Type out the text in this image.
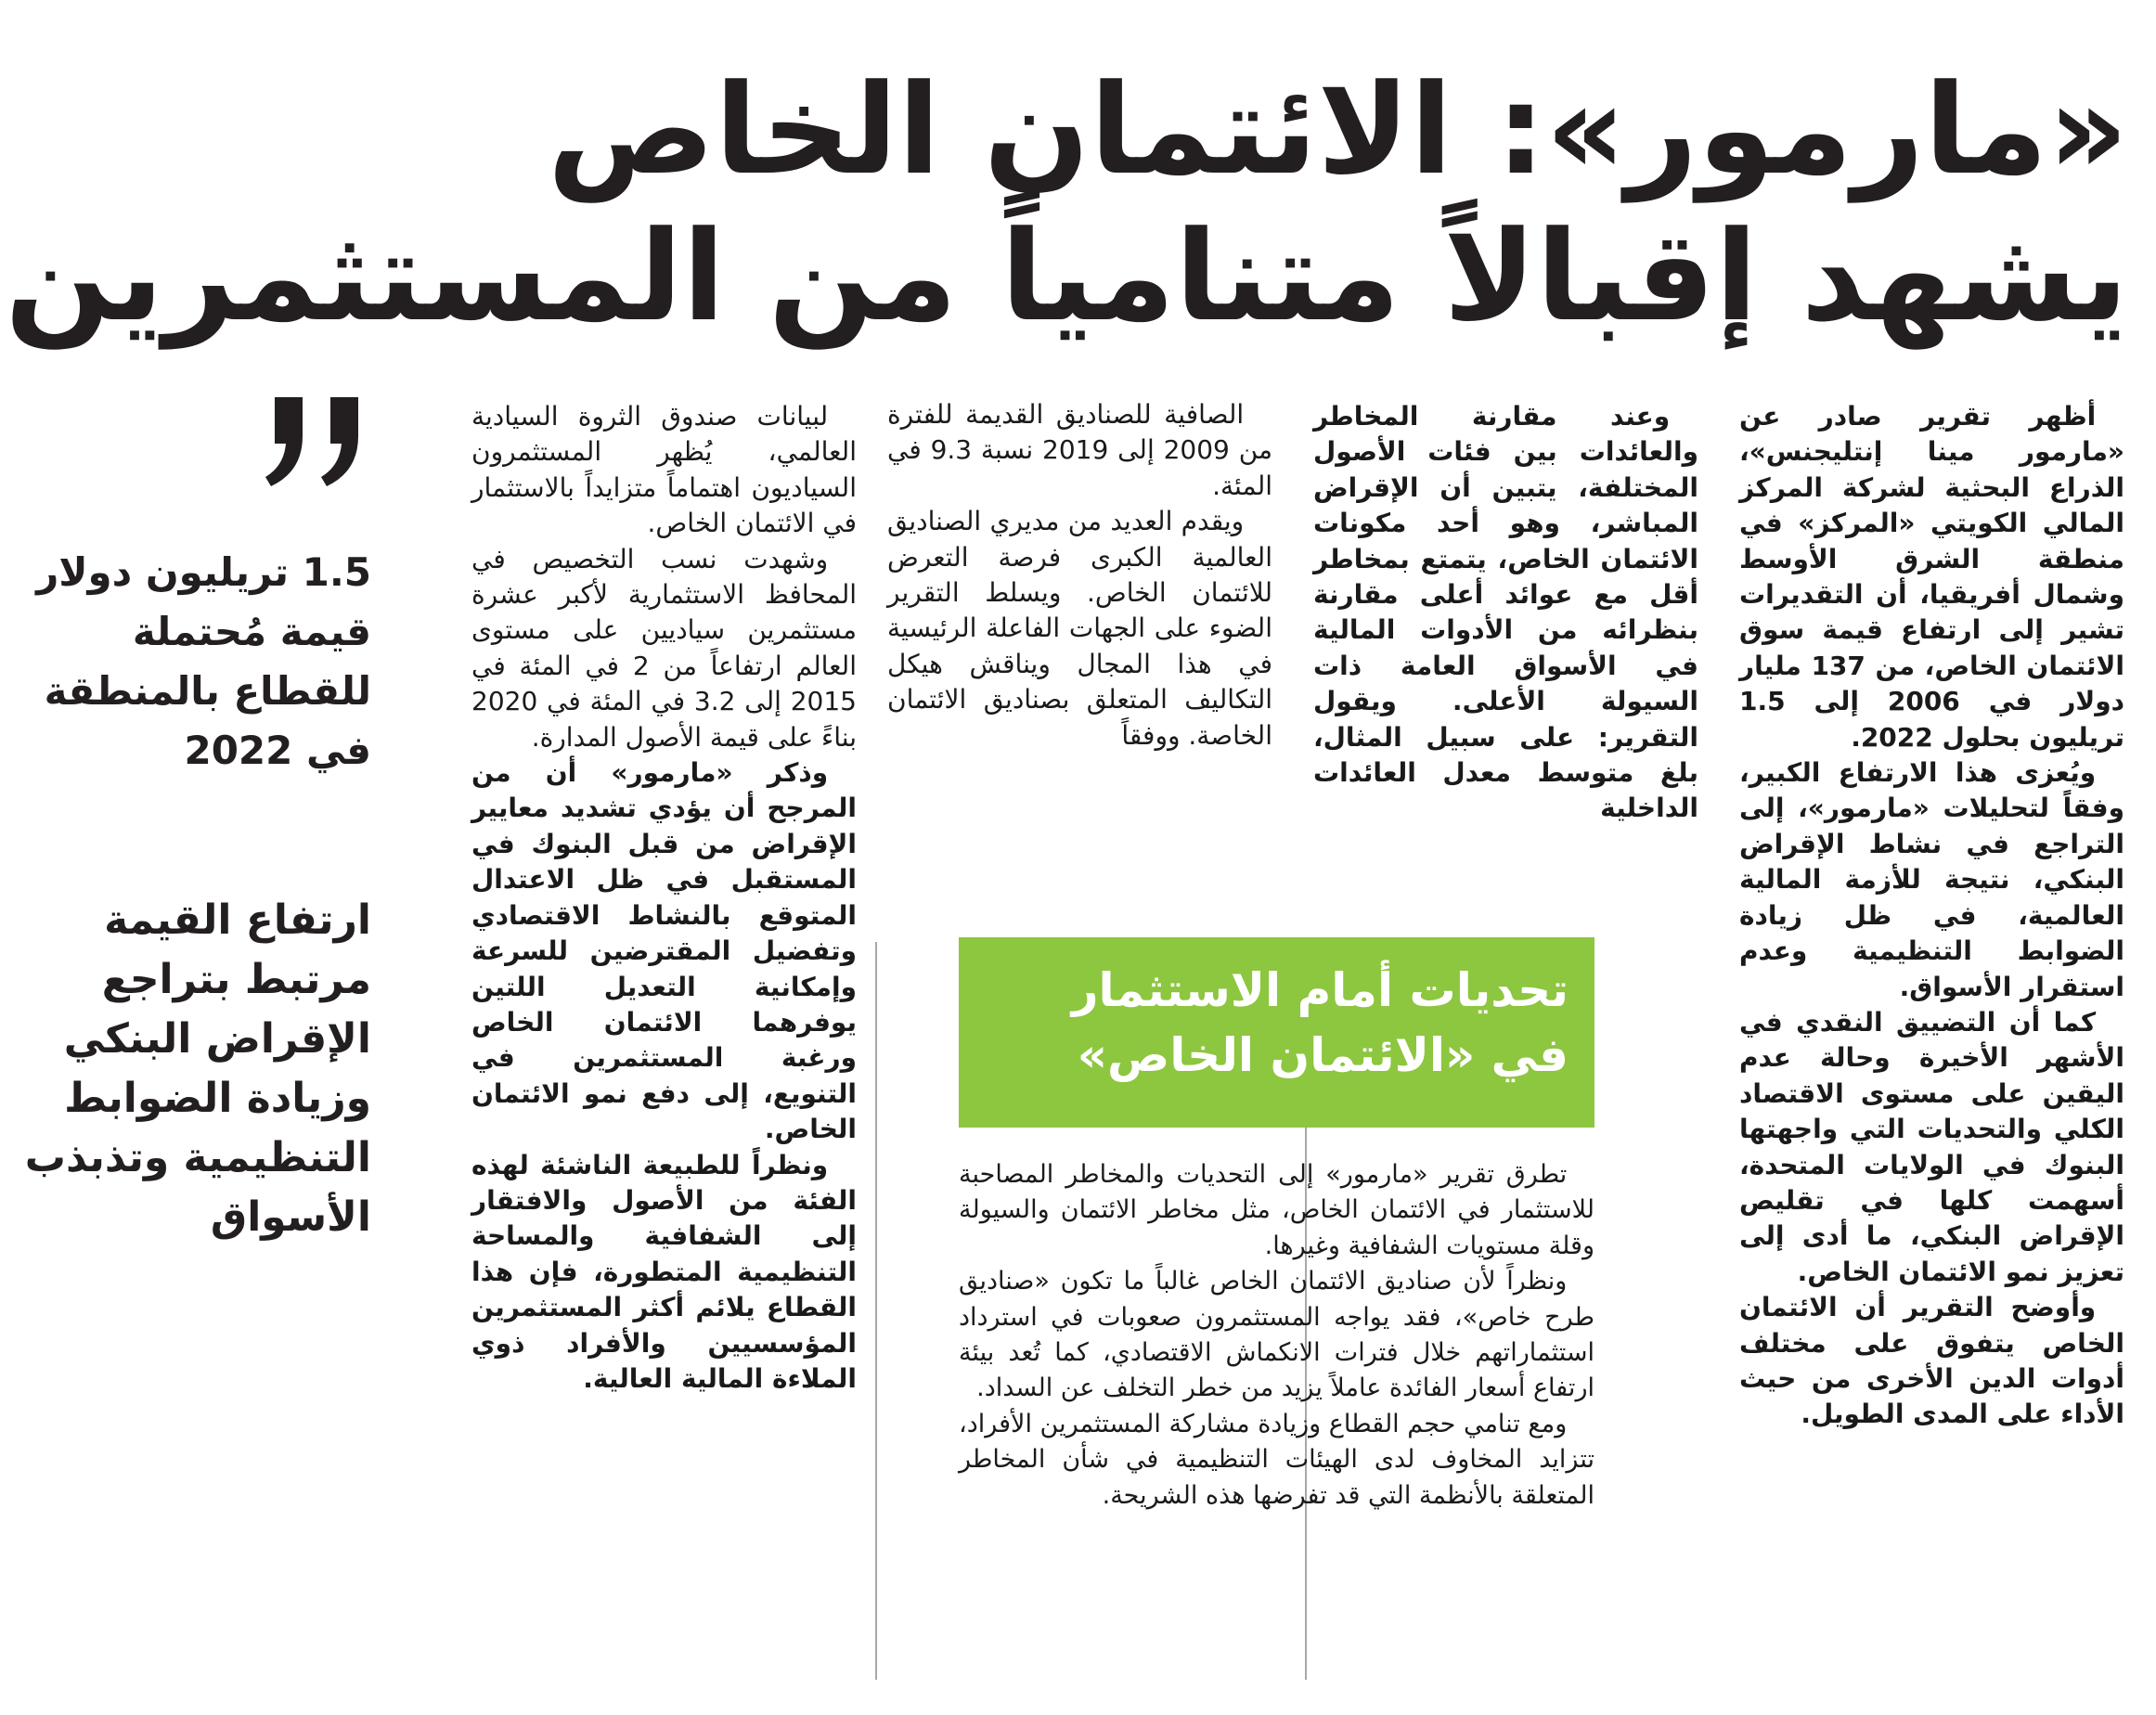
«مارمور»: الائتمان الخاص
يشهد إقبالاً متنامياً من المستثمرين

أظهر تقرير صادر عن «مارمور مينا إنتليجنس»، الذراع البحثية لشركة المركز المالي الكويتي «المركز» في منطقة الشرق الأوسط وشمال أفريقيا، أن التقديرات تشير إلى ارتفاع قيمة سوق الائتمان الخاص، من 137 مليار دولار في 2006 إلى 1.5 تريليون بحلول 2022.

ويُعزى هذا الارتفاع الكبير، وفقاً لتحليلات «مارمور»، إلى التراجع في نشاط الإقراض البنكي، نتيجة للأزمة المالية العالمية، في ظل زيادة الضوابط التنظيمية وعدم استقرار الأسواق.

كما أن التضييق النقدي في الأشهر الأخيرة وحالة عدم اليقين على مستوى الاقتصاد الكلي والتحديات التي واجهتها البنوك في الولايات المتحدة، أسهمت كلها في تقليص الإقراض البنكي، ما أدى إلى تعزيز نمو الائتمان الخاص.

وأوضح التقرير أن الائتمان الخاص يتفوق على مختلف أدوات الدين الأخرى من حيث الأداء على المدى الطويل.

وعند مقارنة المخاطر والعائدات بين فئات الأصول المختلفة، يتبين أن الإقراض المباشر، وهو أحد مكونات الائتمان الخاص، يتمتع بمخاطر أقل مع عوائد أعلى مقارنة بنظرائه من الأدوات المالية في الأسواق العامة ذات السيولة الأعلى. ويقول التقرير: على سبيل المثال، بلغ متوسط معدل العائدات الداخلية

الصافية للصناديق القديمة للفترة من 2009 إلى 2019 نسبة 9.3 في المئة.

ويقدم العديد من مديري الصناديق العالمية الكبرى فرصة التعرض للائتمان الخاص. ويسلط التقرير الضوء على الجهات الفاعلة الرئيسية في هذا المجال ويناقش هيكل التكاليف المتعلق بصناديق الائتمان الخاصة. ووفقاً

لبيانات صندوق الثروة السيادية العالمي، يُظهر المستثمرون السياديون اهتماماً متزايداً بالاستثمار في الائتمان الخاص.

وشهدت نسب التخصيص في المحافظ الاستثمارية لأكبر عشرة مستثمرين سياديين على مستوى العالم ارتفاعاً من 2 في المئة في 2015 إلى 3.2 في المئة في 2020 بناءً على قيمة الأصول المدارة.

وذكر «مارمور» أن من المرجح أن يؤدي تشديد معايير الإقراض من قبل البنوك في المستقبل في ظل الاعتدال المتوقع بالنشاط الاقتصادي وتفضيل المقترضين للسرعة وإمكانية التعديل اللتين يوفرهما الائتمان الخاص ورغبة المستثمرين في التنويع، إلى دفع نمو الائتمان الخاص.

ونظراً للطبيعة الناشئة لهذه الفئة من الأصول والافتقار إلى الشفافية والمساحة التنظيمية المتطورة، فإن هذا القطاع يلائم أكثر المستثمرين المؤسسيين والأفراد ذوي الملاءة المالية العالية.

تحديات أمام الاستثمار
في «الائتمان الخاص»

تطرق تقرير «مارمور» إلى التحديات والمخاطر المصاحبة للاستثمار في الائتمان الخاص، مثل مخاطر الائتمان والسيولة وقلة مستويات الشفافية وغيرها.

ونظراً لأن صناديق الائتمان الخاص غالباً ما تكون «صناديق طرح خاص»، فقد يواجه المستثمرون صعوبات في استرداد استثماراتهم خلال فترات الانكماش الاقتصادي، كما تُعد بيئة ارتفاع أسعار الفائدة عاملاً يزيد من خطر التخلف عن السداد.

ومع تنامي حجم القطاع وزيادة مشاركة المستثمرين الأفراد، تتزايد المخاوف لدى الهيئات التنظيمية في شأن المخاطر المتعلقة بالأنظمة التي قد تفرضها هذه الشريحة.

1.5 تريليون دولار قيمة مُحتملة للقطاع بالمنطقة في 2022
ارتفاع القيمة مرتبط بتراجع الإقراض البنكي وزيادة الضوابط التنظيمية وتذبذب الأسواق
